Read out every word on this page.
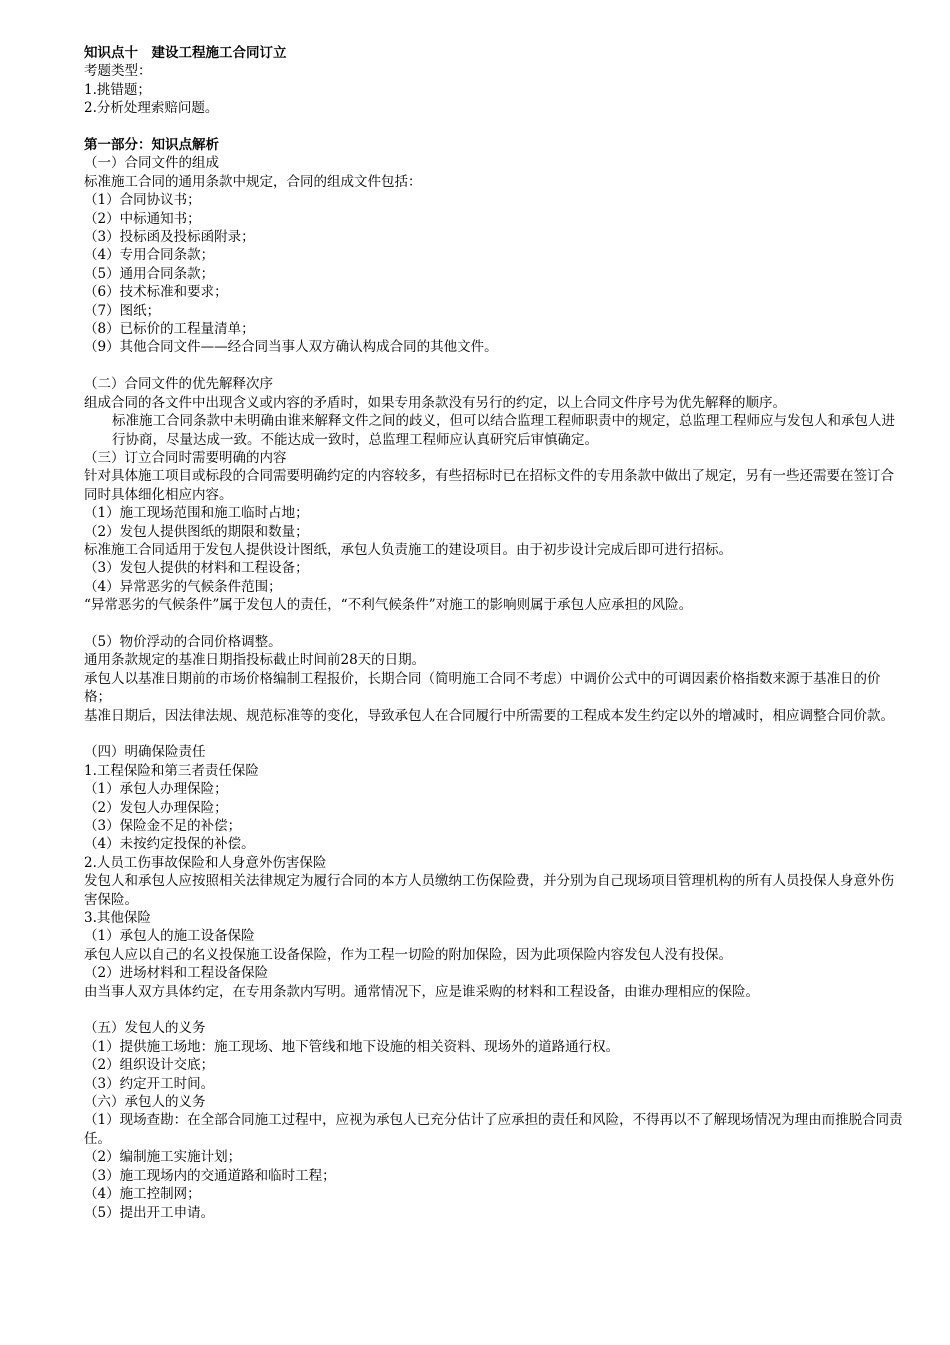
知识点十　建设工程施工合同订立

考题类型：

1.挑错题；

2.分析处理索赔问题。

第一部分：知识点解析

（一）合同文件的组成

标准施工合同的通用条款中规定，合同的组成文件包括：

（1）合同协议书；

（2）中标通知书；

（3）投标函及投标函附录；

（4）专用合同条款；

（5）通用合同条款；

（6）技术标准和要求；

（7）图纸；

（8）已标价的工程量清单；

（9）其他合同文件——经合同当事人双方确认构成合同的其他文件。

（二）合同文件的优先解释次序

组成合同的各文件中出现含义或内容的矛盾时，如果专用条款没有另行的约定，以上合同文件序号为优先解释的顺序。

标准施工合同条款中未明确由谁来解释文件之间的歧义，但可以结合监理工程师职责中的规定，总监理工程师应与发包人和承包人进行协商，尽量达成一致。不能达成一致时，总监理工程师应认真研究后审慎确定。

（三）订立合同时需要明确的内容

针对具体施工项目或标段的合同需要明确约定的内容较多，有些招标时已在招标文件的专用条款中做出了规定，另有一些还需要在签订合同时具体细化相应内容。

（1）施工现场范围和施工临时占地；

（2）发包人提供图纸的期限和数量；

标准施工合同适用于发包人提供设计图纸，承包人负责施工的建设项目。由于初步设计完成后即可进行招标。

（3）发包人提供的材料和工程设备；

（4）异常恶劣的气候条件范围；

“异常恶劣的气候条件”属于发包人的责任，“不利气候条件”对施工的影响则属于承包人应承担的风险。

（5）物价浮动的合同价格调整。

通用条款规定的基准日期指投标截止时间前28天的日期。

承包人以基准日期前的市场价格编制工程报价，长期合同（简明施工合同不考虑）中调价公式中的可调因素价格指数来源于基准日的价格；

基准日期后，因法律法规、规范标准等的变化，导致承包人在合同履行中所需要的工程成本发生约定以外的增减时，相应调整合同价款。

（四）明确保险责任

1.工程保险和第三者责任保险

（1）承包人办理保险；

（2）发包人办理保险；

（3）保险金不足的补偿；

（4）未按约定投保的补偿。

2.人员工伤事故保险和人身意外伤害保险

发包人和承包人应按照相关法律规定为履行合同的本方人员缴纳工伤保险费，并分别为自己现场项目管理机构的所有人员投保人身意外伤害保险。

3.其他保险

（1）承包人的施工设备保险

承包人应以自己的名义投保施工设备保险，作为工程一切险的附加保险，因为此项保险内容发包人没有投保。

（2）进场材料和工程设备保险

由当事人双方具体约定，在专用条款内写明。通常情况下，应是谁采购的材料和工程设备，由谁办理相应的保险。

（五）发包人的义务

（1）提供施工场地：施工现场、地下管线和地下设施的相关资料、现场外的道路通行权。

（2）组织设计交底；

（3）约定开工时间。

（六）承包人的义务

（1）现场查勘：在全部合同施工过程中，应视为承包人已充分估计了应承担的责任和风险，不得再以不了解现场情况为理由而推脱合同责任。

（2）编制施工实施计划；

（3）施工现场内的交通道路和临时工程；

（4）施工控制网；

（5）提出开工申请。
